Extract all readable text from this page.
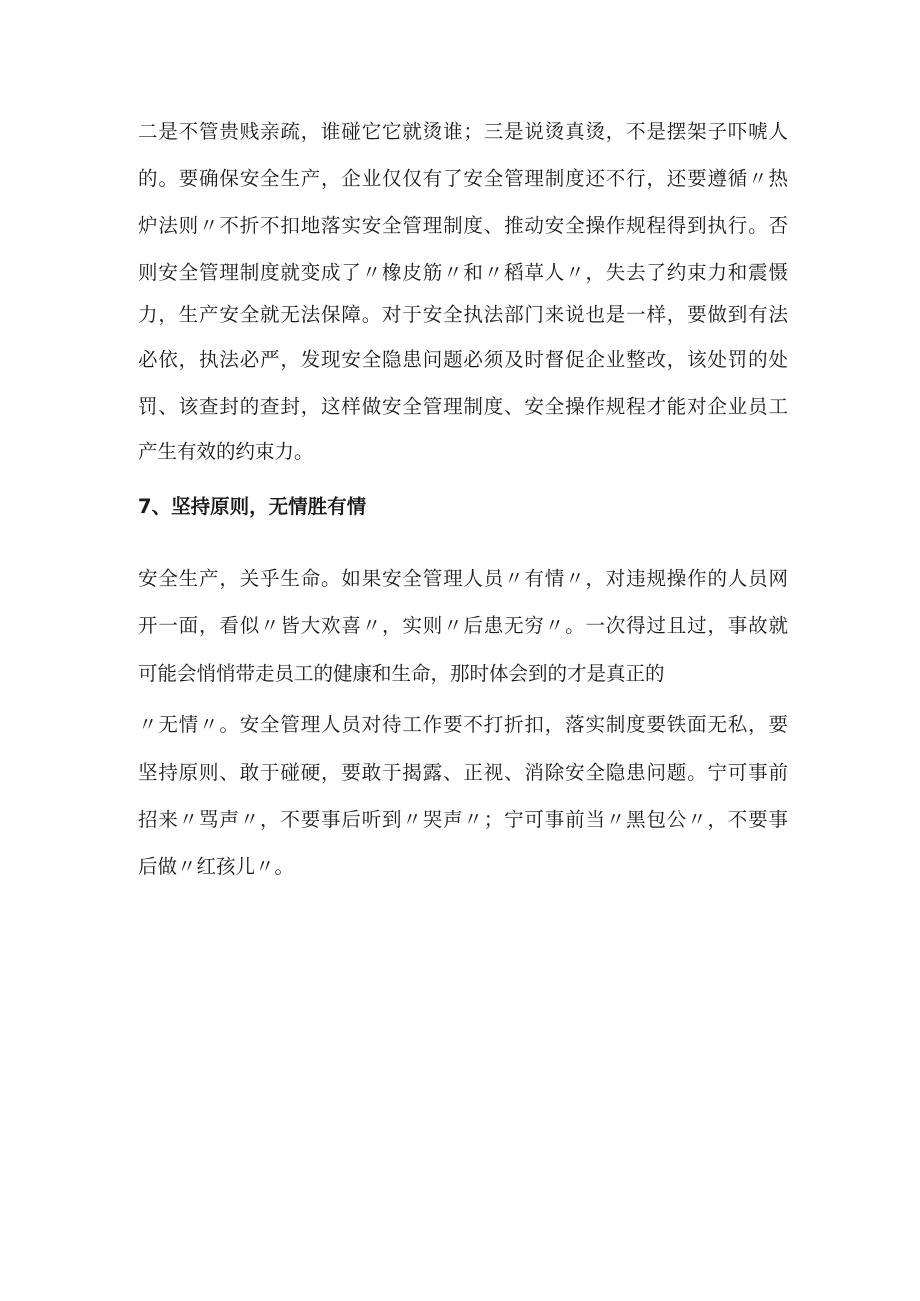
二是不管贵贱亲疏，谁碰它它就烫谁；三是说烫真烫，不是摆架子吓唬人
的。要确保安全生产，企业仅仅有了安全管理制度还不行，还要遵循〃热
炉法则〃不折不扣地落实安全管理制度、推动安全操作规程得到执行。否
则安全管理制度就变成了〃橡皮筋〃和〃稻草人〃，失去了约束力和震慑
力，生产安全就无法保障。对于安全执法部门来说也是一样，要做到有法
必依，执法必严，发现安全隐患问题必须及时督促企业整改，该处罚的处
罚、该查封的查封，这样做安全管理制度、安全操作规程才能对企业员工
产生有效的约束力。
7、坚持原则，无情胜有情
安全生产，关乎生命。如果安全管理人员〃有情〃，对违规操作的人员网
开一面，看似〃皆大欢喜〃，实则〃后患无穷〃。一次得过且过，事故就
可能会悄悄带走员工的健康和生命，那时体会到的才是真正的
〃无情〃。安全管理人员对待工作要不打折扣，落实制度要铁面无私，要
坚持原则、敢于碰硬，要敢于揭露、正视、消除安全隐患问题。宁可事前
招来〃骂声〃，不要事后听到〃哭声〃；宁可事前当〃黑包公〃，不要事
后做〃红孩儿〃。
